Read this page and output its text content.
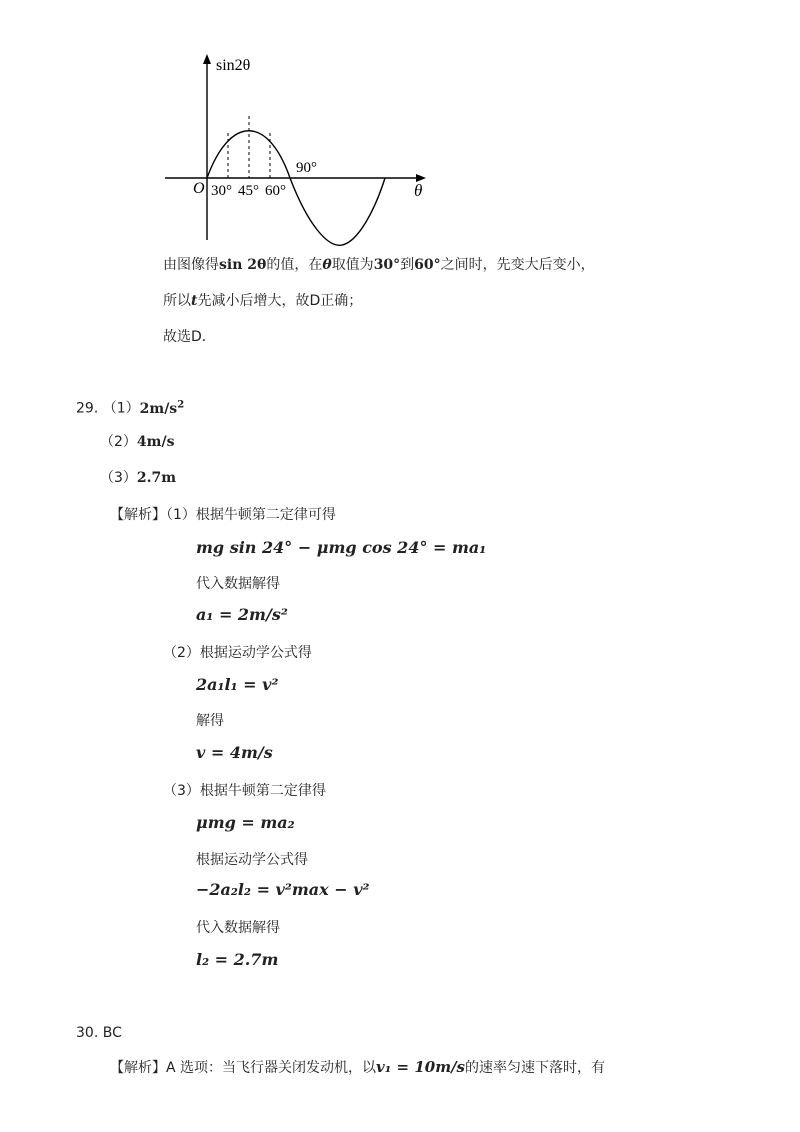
sin2θ
θ
O 30° 45° 60°
90°
由图像得sin 2θ的值，在θ取值为30°到60°之间时，先变大后变小，
所以t先减小后增大，故D正确；
故选D．
29. $(1)2m/s^2$
（2）4m/s
（3）2.7m
【解析】（1）根据牛顿第二定律可得
mg sin 24° − μmg cos 24° = ma₁
代入数据解得
a₁ = 2m/s²
（2）根据运动学公式得
2a₁l₁ = v²
解得
v = 4m/s
（3）根据牛顿第二定律得
μmg = ma₂
根据运动学公式得
−2a₂l₂ = v²max − v²
代入数据解得
l₂ = 2.7m
30. BC
【解析】A 选项：当飞行器关闭发动机，以v₁ = 10m/s的速率匀速下落时，有
